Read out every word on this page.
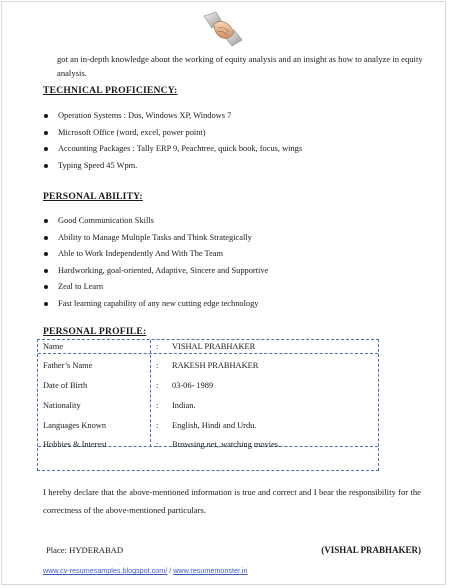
got an in-depth knowledge about the working of equity analysis and an insight as how to analyze in equity analysis.

TECHNICAL PROFICIENCY:
Operation Systems : Dos, Windows XP, Windows 7
Microsoft Office (word, excel, power point)
Accounting Packages : Tally ERP 9, Peachtree, quick book, focus, wings
Typing Speed 45 Wpm.
PERSONAL ABILITY:
Good Communication Skills
Ability to Manage Multiple Tasks and Think Strategically
Able to Work Independently And With The Team
Hardworking, goal-oriented, Adaptive, Sincere and Supportive
Zeal to Learn
Fast learning capability of any new cutting edge technology
PERSONAL PROFILE:
Name	: VISHAL PRABHAKER
Father’s Name	: RAKESH PRABHAKER
Date of Birth	: 03-06- 1989
Nationality	: Indian.
Languages Known	: English, Hindi and Urdu.
Hobbies & Interest	: Browsing net, watching movies.

I hereby declare that the above-mentioned information is true and correct and I bear the responsibility for the correctness of the above-mentioned particulars.

Place: HYDERABAD	(VISHAL PRABHAKER)
www.cv-resumesamples.blogspot.com/ / www.resumemonster.in
